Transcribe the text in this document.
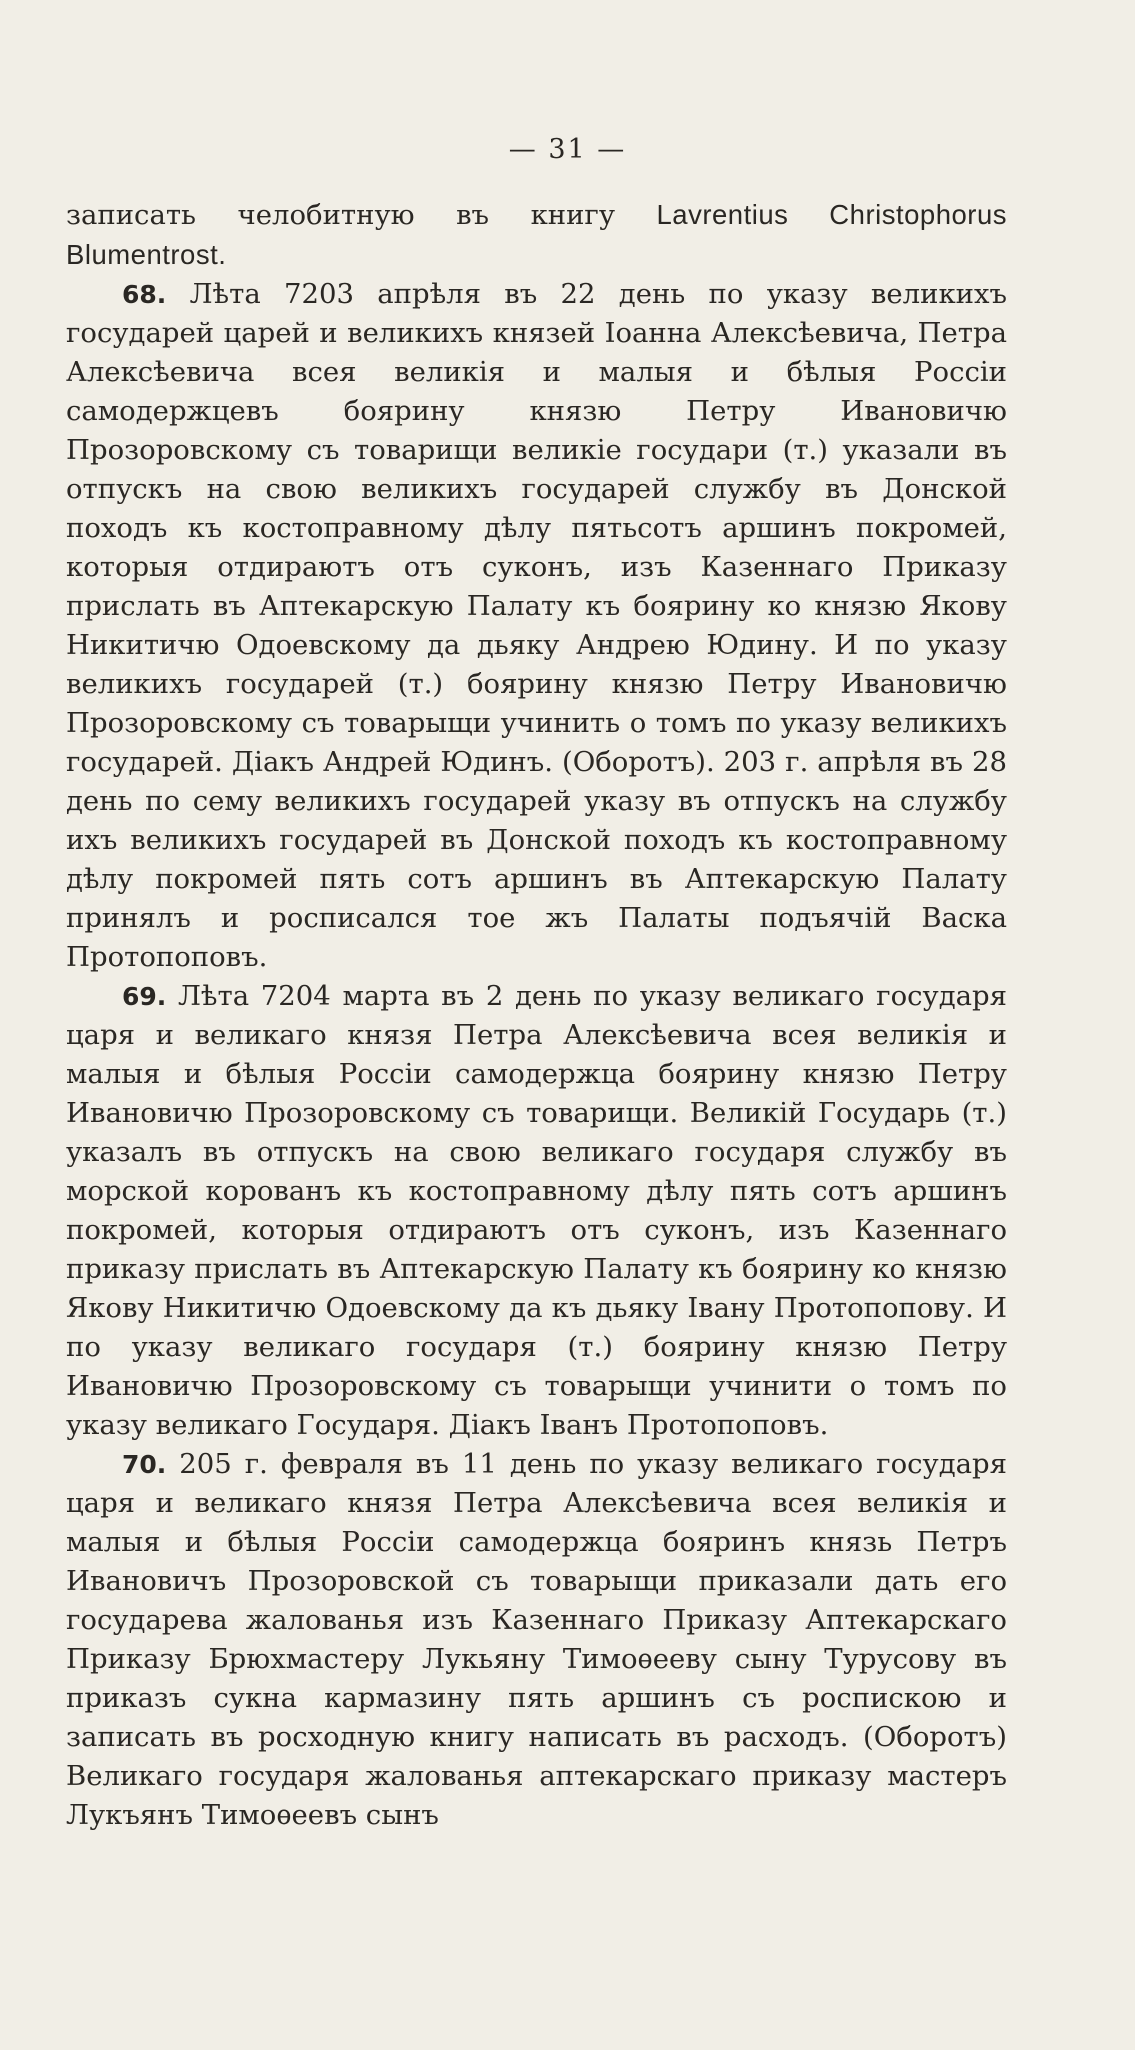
— 31 —

записать челобитную въ книгу Lavrentius Christophorus Blumentrost.

68. Лѣта 7203 апрѣля въ 22 день по указу великихъ государей царей и великихъ князей Іоанна Алексѣевича, Петра Алексѣевича всея великія и малыя и бѣлыя Россіи самодержцевъ боярину князю Петру Ивановичю Прозоровскому съ товарищи великіе государи (т.) указали въ отпускъ на свою великихъ государей службу въ Донской походъ къ костоправному дѣлу пятьсотъ аршинъ покромей, которыя отдираютъ отъ суконъ, изъ Казеннаго Приказу прислать въ Аптекарскую Палату къ боярину ко князю Якову Никитичю Одоевскому да дьяку Андрею Юдину. И по указу великихъ государей (т.) боярину князю Петру Ивановичю Прозоровскому съ товарыщи учинить о томъ по указу великихъ государей. Діакъ Андрей Юдинъ. (Оборотъ). 203 г. апрѣля въ 28 день по сему великихъ государей указу въ отпускъ на службу ихъ великихъ государей въ Донской походъ къ костоправному дѣлу покромей пять сотъ аршинъ въ Аптекарскую Палату принялъ и росписался тое жъ Палаты подъячій Васка Протопоповъ.

69. Лѣта 7204 марта въ 2 день по указу великаго государя царя и великаго князя Петра Алексѣевича всея великія и малыя и бѣлыя Россіи самодержца боярину князю Петру Ивановичю Прозоровскому съ товарищи. Великій Государь (т.) указалъ въ отпускъ на свою великаго государя службу въ морской корованъ къ костоправному дѣлу пять сотъ аршинъ покромей, которыя отдираютъ отъ суконъ, изъ Казеннаго приказу прислать въ Аптекарскую Палату къ боярину ко князю Якову Никитичю Одоевскому да къ дьяку Івану Протопопову. И по указу великаго государя (т.) боярину князю Петру Ивановичю Прозоровскому съ товарыщи учинити о томъ по указу великаго Государя. Діакъ Іванъ Протопоповъ.

70. 205 г. февраля въ 11 день по указу великаго государя царя и великаго князя Петра Алексѣевича всея великія и малыя и бѣлыя Россіи самодержца бояринъ князь Петръ Ивановичъ Прозоровской съ товарыщи приказали дать его государева жалованья изъ Казеннаго Приказу Аптекарскаго Приказу Брюхмастеру Лукьяну Тимоѳееву сыну Турусову въ приказъ сукна кармазину пять аршинъ съ роспискою и записать въ росходную книгу написать въ расходъ. (Оборотъ) Великаго государя жалованья аптекарскаго приказу мастеръ Лукъянъ Тимоѳеевъ сынъ
